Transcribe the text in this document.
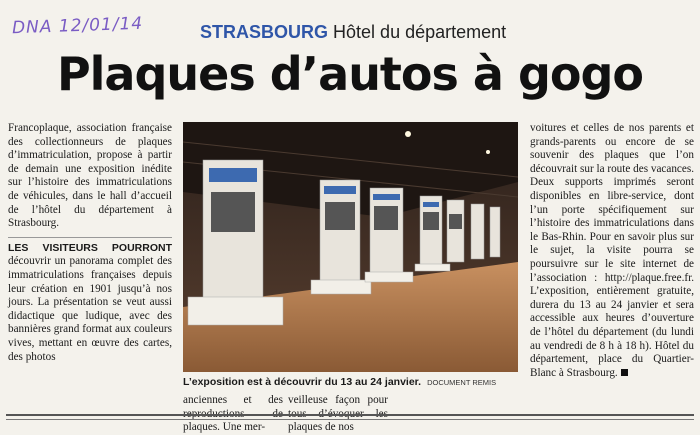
DNA 12/01/14	STRASBOURG Hôtel du département
Plaques d’autos à gogo

Francoplaque, association française des collectionneurs de plaques d’immatriculation, propose à partir de demain une exposition inédite sur l’histoire des immatriculations de véhicules, dans le hall d’accueil de l’hôtel du département à Strasbourg.

LES VISITEURS POURRONT découvrir un panorama complet des immatriculations françaises depuis leur création en 1901 jusqu’à nos jours. La présentation se veut aussi didactique que ludique, avec des bannières grand format aux couleurs vives, mettant en œuvre des cartes, des photos

L’exposition est à découvrir du 13 au 24 janvier. DOCUMENT REMIS
voitures et celles de nos parents et grands-parents ou encore de se souvenir des plaques que l’on découvrait sur la route des vacances. Deux supports imprimés seront disponibles en libre-service, dont l’un porte spécifiquement sur l’histoire des immatriculations dans le Bas-Rhin. Pour en savoir plus sur le sujet, la visite pourra se poursuivre sur le site internet de l’association : http://plaque.free.fr. L’exposition, entièrement gratuite, durera du 13 au 24 janvier et sera accessible aux heures d’ouverture de l’hôtel du département (du lundi au vendredi de 8 h à 18 h). Hôtel du département, place du Quartier-Blanc à Strasbourg.
anciennes et des reproductions de plaques. Une mer-
veilleuse façon pour tous d’évoquer les plaques de nos
